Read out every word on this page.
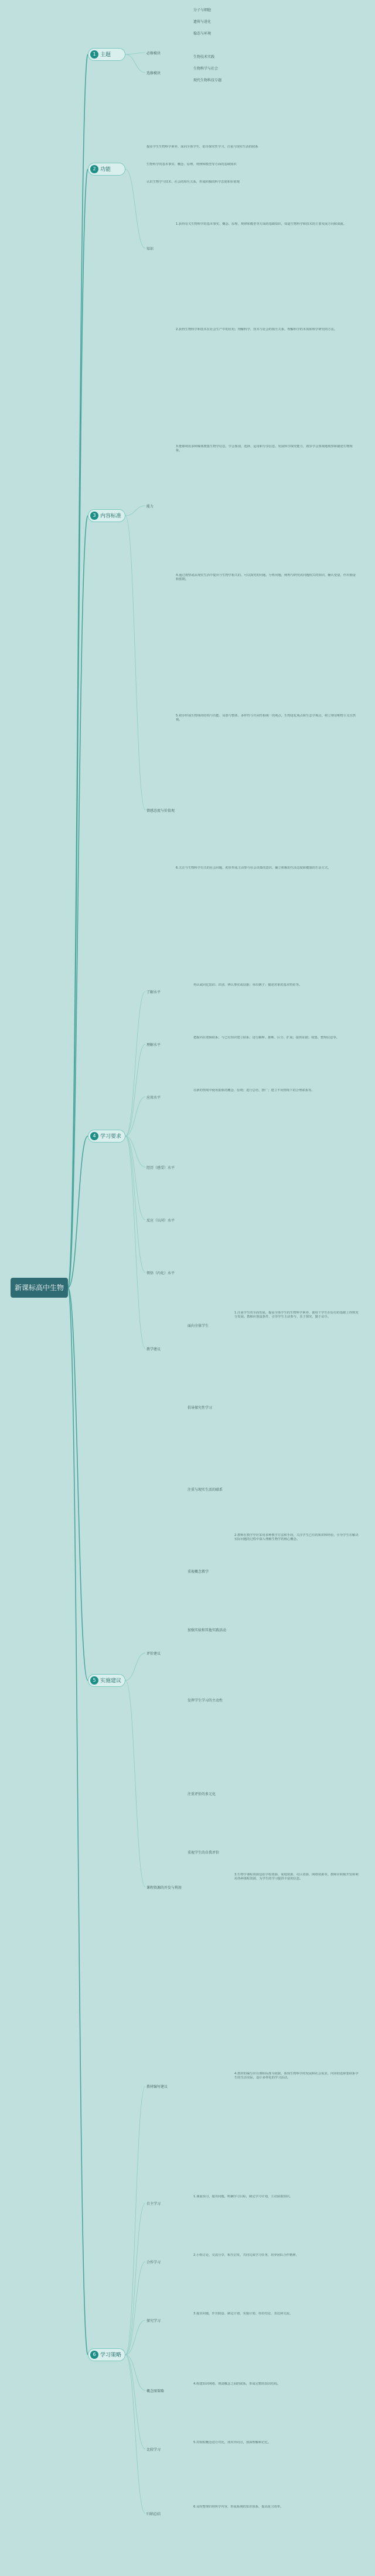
新课标高中生物
1 主题
2 功能
3 内容标准
4 学习要求
5 实施建议
6 学习策略
必修模块
分子与细胞
遗传与进化
稳态与环境
生物技术实践
生物科学与社会
现代生物科技专题
选修模块
提高学生生物科学素养，面向全体学生，倡导探究性学习，注重与现实生活的联系
生物科学的基本事实、概念、原理、规律和模型等方面的基础知识
认识生物学与技术、社会的相互关系，形成积极的科学态度和价值观
知识
能力
情感态度与价值观
1.获得有关生物科学的基本事实、概念、原理、规律和模型等方面的基础知识，知道生物科学和技术的主要发展方向和成就。
2.获得生物科学和技术在社会生产中的应用；理解科学、技术与社会的相互关系，理解科学的本质和科学研究的方法。
3.能够利用多种媒体搜集生物学信息，学会鉴别、选择、运用和分享信息。发展科学探究能力，初步学会客观地观察和描述生物现象。
4.通过观察或从现实生活中提出与生物学相关的、可以探究的问题，分析问题，阐明与研究该问题相关的知识，确认变量，作出假设和预期。
5.初步形成生物体的结构与功能、局部与整体、多样性与共同性相统一的观点，生物进化观点和生态学观点，树立辩证唯物主义自然观。
6.关注与生物科学有关的社会问题，初步形成主动参与社会决策的意识，确立积极的生活态度和健康的生活方式。
了解水平
理解水平
应用水平
经历（感受）水平
反应（认同）水平
领悟（内化）水平
再认或回忆知识；识别、辨认事实或证据；举出例子；描述对象的基本特征等。
把握内在逻辑联系；与已有知识建立联系；进行解释、推断、区分、扩展；提供证据；收集、整理信息等。
在新的情境中使用抽象的概念、原则；进行总结、推广；建立不同情境下的合理联系等。
教学建议
评价建议
课程资源的开发与利用
教材编写建议
面向全体学生
倡导探究性学习
注重与现实生活的联系
重视概念教学
加强实验和其他实践活动
发挥学生学习的主动性
注重评价的多元化
重视学生的自我评价
1.注重学生的全面发展，提高全体学生的生物科学素养，使每个学生在原有的基础上得到充分发展。教师应创设条件，引导学生主动参与、乐于探究、勤于动手。
2.教师在教学中应采用多种教学方法和手段，关注学生已有的知识和经验，引导学生在解决实际问题的过程中深入理解生物学的核心概念。
3.生物学课程资源包括学校资源、家庭资源、社区资源、网络资源等。教师应积极开发和利用各种课程资源，为学生的学习提供丰富的信息。
4.教材的编写应以课程标准为依据，体现生物科学的发展和社会需求，内容的选择要联系学生的生活实际，设计多样化的学习活动。
自主学习
合作学习
探究学习
概念图策略
比较学习
归纳总结
1.课前预习，提出问题，明确学习目标，制定学习计划，主动获取知识。
2.小组讨论，交流分享，相互启发，共同完成学习任务，培养团队合作精神。
3.提出问题、作出假设、制定计划、实施计划、得出结论、表达和交流。
4.构建知识网络，理清概念之间的联系，形成完整的知识结构。
5.对相似概念进行对比，找出异同点，加深理解和记忆。
6.及时整理归纳所学内容，形成系统的知识体系，提高复习效率。
